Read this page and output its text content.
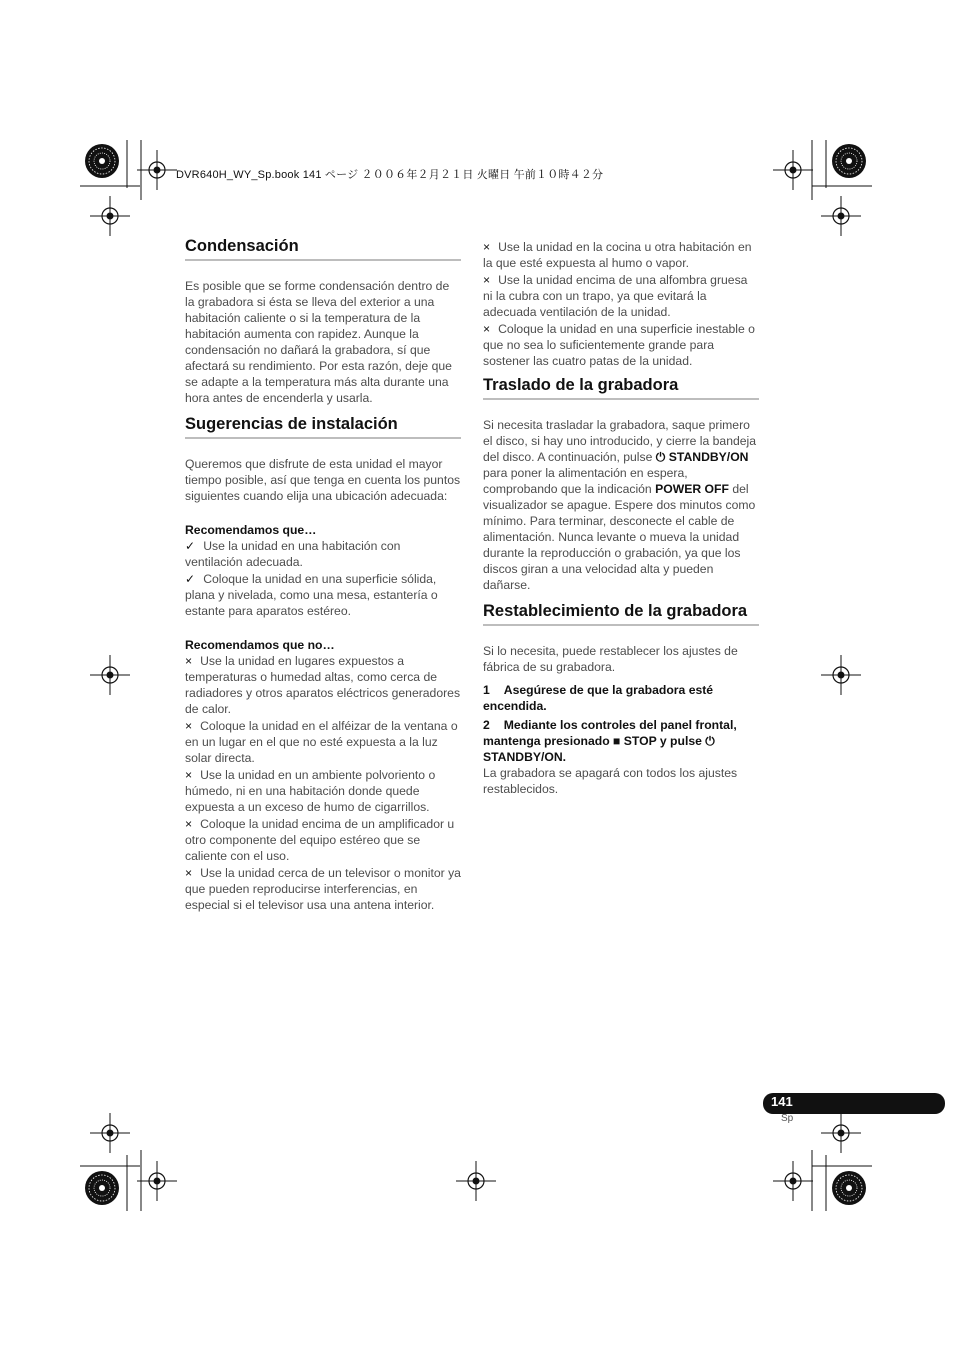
DVR640H_WY_Sp.book 141 ページ ２００６年２月２１日 火曜日 午前１０時４２分
Condensación

Es posible que se forme condensación dentro de la grabadora si ésta se lleva del exterior a una habitación caliente o si la temperatura de la habitación aumenta con rapidez. Aunque la condensación no dañará la grabadora, sí que afectará su rendimiento. Por esta razón, deje que se adapte a la temperatura más alta durante una hora antes de encenderla y usarla.

Sugerencias de instalación

Queremos que disfrute de esta unidad el mayor tiempo posible, así que tenga en cuenta los puntos siguientes cuando elija una ubicación adecuada:

Recomendamos que…

✓ Use la unidad en una habitación con ventilación adecuada.

✓ Coloque la unidad en una superficie sólida, plana y nivelada, como una mesa, estantería o estante para aparatos estéreo.

Recomendamos que no…

× Use la unidad en lugares expuestos a temperaturas o humedad altas, como cerca de radiadores y otros aparatos eléctricos generadores de calor.

× Coloque la unidad en el alféizar de la ventana o en un lugar en el que no esté expuesta a la luz solar directa.

× Use la unidad en un ambiente polvoriento o húmedo, ni en una habitación donde quede expuesta a un exceso de humo de cigarrillos.

× Coloque la unidad encima de un amplificador u otro componente del equipo estéreo que se caliente con el uso.

× Use la unidad cerca de un televisor o monitor ya que pueden reproducirse interferencias, en especial si el televisor usa una antena interior.

× Use la unidad en la cocina u otra habitación en la que esté expuesta al humo o vapor.

× Use la unidad encima de una alfombra gruesa ni la cubra con un trapo, ya que evitará la adecuada ventilación de la unidad.

× Coloque la unidad en una superficie inestable o que no sea lo suficientemente grande para sostener las cuatro patas de la unidad.

Traslado de la grabadora

Si necesita trasladar la grabadora, saque primero el disco, si hay uno introducido, y cierre la bandeja del disco. A continuación, pulse ⏻ STANDBY/ON para poner la alimentación en espera, comprobando que la indicación POWER OFF del visualizador se apague. Espere dos minutos como mínimo. Para terminar, desconecte el cable de alimentación. Nunca levante o mueva la unidad durante la reproducción o grabación, ya que los discos giran a una velocidad alta y pueden dañarse.

Restablecimiento de la grabadora

Si lo necesita, puede restablecer los ajustes de fábrica de su grabadora.

1 Asegúrese de que la grabadora esté encendida.

2 Mediante los controles del panel frontal, mantenga presionado ■ STOP y pulse ⏻ STANDBY/ON.

La grabadora se apagará con todos los ajustes restablecidos.

141
Sp
